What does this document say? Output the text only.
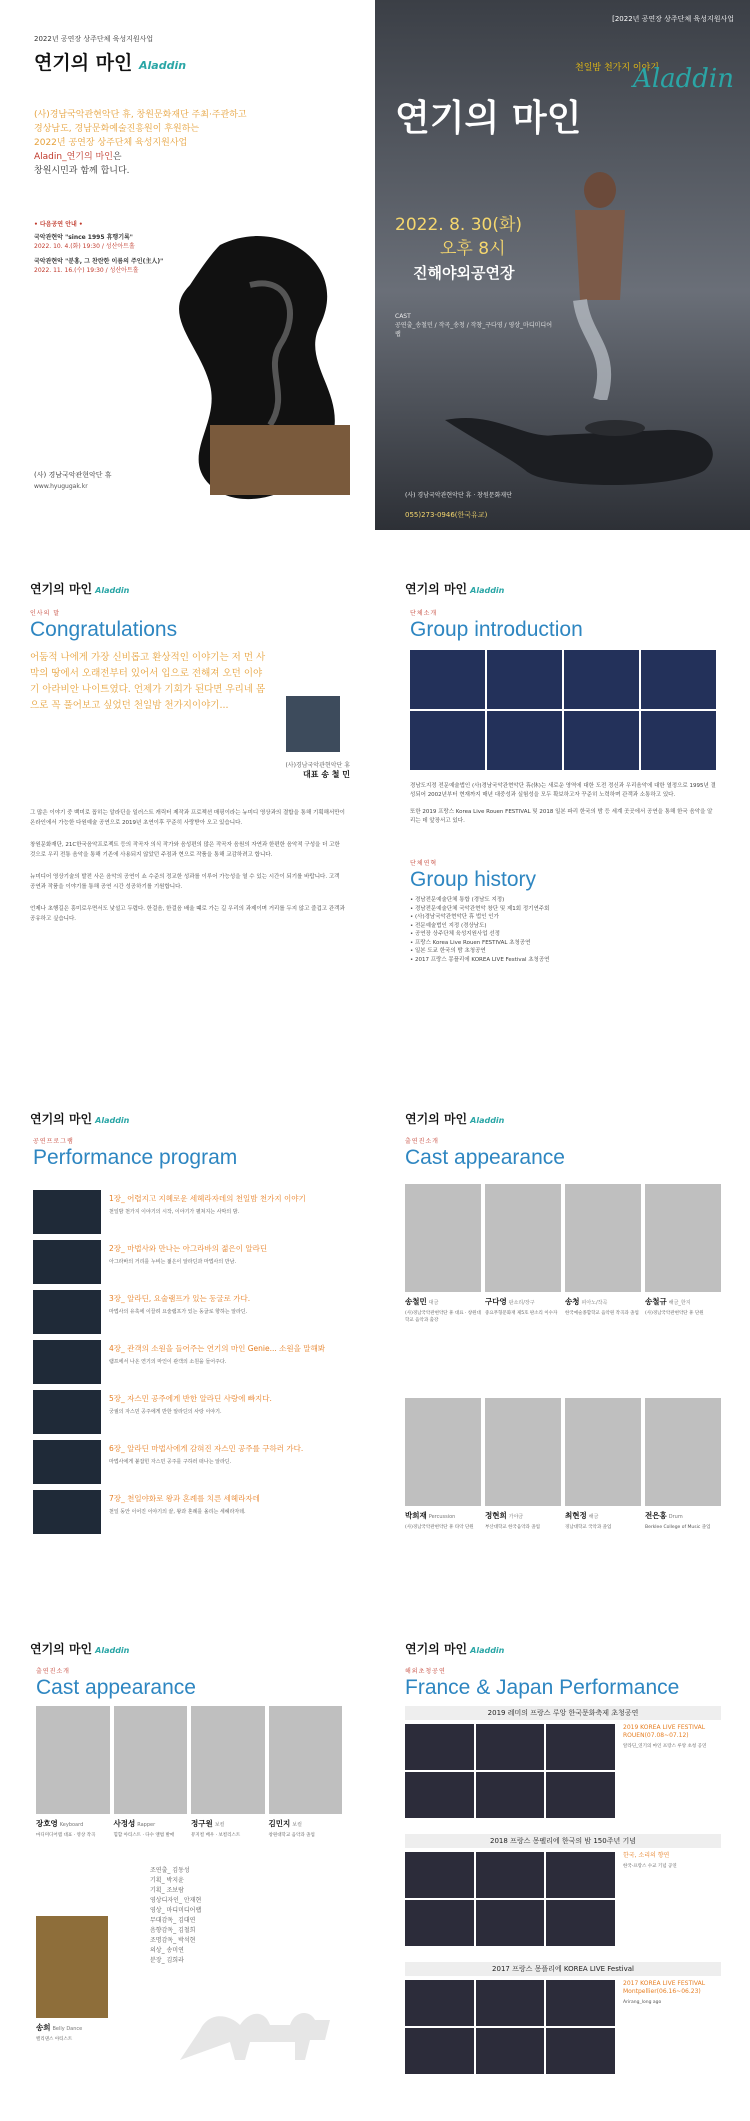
2022년 공연장 상주단체 육성지원사업
연기의 마인 Aladdin
(사)경남국악관현악단 휴, 창원문화재단 주최·주관하고
경상남도, 경남문화예술진흥원이 후원하는
2022년 공연장 상주단체 육성지원사업
Aladin_연기의 마인은
창원시민과 함께 합니다.
• 다음공연 안내 •
국악관현악 "since 1995 휴행기록"
2022. 10. 4.(화) 19:30 / 성산아트홀
국악관현악 "분홍, 그 찬란한 이름의 주인(主人)"
2022. 11. 16.(수) 19:30 / 성산아트홀
(사) 경남국악관현악단 휴
www.hyugugak.kr
[2022년 공연장 상주단체 육성지원사업
천일밤 천가지 이야기
Aladdin
연기의 마인
2022. 8. 30(화)
오후 8시
진해야외공연장
CAST
공연출_송철민 / 작곡_송청 / 작창_구다영 / 영상_마디미디어랩
(사) 경남국악관현악단 휴 · 창원문화재단
055)273-0946(한국유교)
연기의 마인 Aladdin
인사의 말
Congratulations
어둠적 나에게 가장 신비롭고 환상적인 이야기는 저 먼 사막의 땅에서 오래전부터 있어서 입으로 전해져 오던 이야기 아라비안 나이트였다. 언제가 기회가 된다면 우리네 몸으로 꼭 풀어보고 싶었던 천일밤 천가지이야기...
(사)경남국악관현악단 휴
대표 송 철 민

그 많은 이야기 중 백미로 꼽히는 알라딘을 일러스트 캐릭터 제작과 프로젝션 매핑이라는 뉴미디 영상과의 결합을 통해 기획해서만이 온라인에서 가능한 다원예술 공연으로 2019년 초연이후 꾸준히 사랑받아 오고 있습니다.

창원문화재단, 21C한국음악프로젝트 등의 작곡자 의식 작가와 음성편의 많은 작곡자 음원의 자연과 한편한 음악적 구성을 더 고한 것으로 우리 전통 음악을 통해 기존에 사용되지 않았던 주점과 현으로 작품을 통해 교감하려고 합니다.

뉴미디어 영상기술의 발전 사은 음악의 공연이 쇼 수준의 정교한 성과를 이루어 가능성을 열 수 있는 시간이 되기를 바랍니다. 고객 공연과 작품을 이야기를 통해 공연 시간 성공하기를 기원합니다.

언제나 초행길은 흥미로우면서도 낯설고 두렵다. 한걸음, 한걸음 배울 떄로 가는 길 우리의 과제이며 거리를 두지 않고 즐겁고 관객과 공유하고 싶습니다.

연기의 마인 Aladdin
단체소개
Group introduction

경남도지정 전문예술법인 (사)경남국악관현악단 휴(休)는 새로운 영역에 대한 도전 정신과 우리음악에 대한 열정으로 1995년 결성되어 2002년부터 현재까지 매년 대중성과 실험성을 모두 확보하고자 꾸준히 노력하며 관객과 소통하고 있다.

또한 2019 프랑스 Korea Live Rouen FESTIVAL 및 2018 일본 파리 한국의 밤 등 세계 곳곳에서 공연을 통해 한국 음악을 알리는 데 앞장서고 있다.

단체연혁
Group history
• 경남전문예술단체 통합 (경남도 지정)
• 경남전문예술단체 국악관현악 창단 및 제1회 정기연주회
• (사)경남국악관현악단 휴 법인 인가
• 전문예술법인 지정 (경상남도)
• 공연장 상주단체 육성지원사업 선정
• 프랑스 Korea Live Rouen FESTIVAL 초청공연
• 일본 도쿄 한국의 밤 초청공연
• 2017 프랑스 몽플리에 KOREA LIVE Festival 초청공연
연기의 마인 Aladdin
공연프로그램
Performance program
1장_ 어렵지고 지혜로운 세헤라자데의 천일밤 천가지 이야기
천일밤 천가지 이야기의 시작, 이야기가 펼쳐지는 사막의 밤.
2장_ 마법사와 만나는 아그라바의 젊은이 알라딘
아그라바의 거리를 누비는 젊은이 알라딘과 마법사의 만남.
3장_ 알라딘, 요술램프가 있는 동굴로 가다.
마법사의 유혹에 이끌려 요술램프가 있는 동굴로 향하는 알라딘.
4장_ 관객의 소원을 들어주는 연기의 마인 Genie... 소원을 말해봐
램프에서 나온 연기의 마인이 관객의 소원을 들어주다.
5장_ 자스민 공주에게 반한 알라딘 사랑에 빠지다.
궁궐의 자스민 공주에게 반한 알라딘의 사랑 이야기.
6장_ 알라딘 마법사에게 감혀진 자스민 공주를 구하러 가다.
마법사에게 붙잡힌 자스민 공주를 구하러 떠나는 알라딘.
7장_ 천일야화로 왕과 혼례를 치른 세헤라자데
천일 동안 이어진 이야기의 끝, 왕과 혼례를 올리는 세헤라자데.
연기의 마인 Aladdin
출연진소개
Cast appearance
송철민 대금
(사)경남국악관현악단 휴 대표 · 창원대학교 음악과 출강
구다영 판소리/장구
중요무형문화재 제5호 판소리 이수자
송청 피아노/작곡
한국예술종합학교 음악원 작곡과 졸업
송철규 해금_한지
(사)경남국악관현악단 휴 단원
박희재 Percussion
(사)경남국악관현악단 휴 타악 단원
정현희 가야금
부산대학교 한국음악과 졸업
최현정 해금
경남대학교 국악과 졸업
전은홍 Drum
Berklee College of Music 졸업
연기의 마인 Aladdin
출연진소개
Cast appearance
장호영 Keyboard
마디미디어랩 대표 · 영상 작곡
사정성 Rapper
힙합 아티스트 · 다수 앨범 발매
정구원 보컬
뮤지컬 배우 · 보컬리스트
김민지 보컬
창원대학교 음악과 졸업
조연출_ 김동성
기획_ 박지윤
기획_ 조보람
영상디자인_ 안재현
영상_ 마디미디어랩
무대감독_ 김대연
음향감독_ 김철희
조명감독_ 박석현
의상_ 송미연
분장_ 김희라
송희 Belly Dance
밸리댄스 아티스트
연기의 마인 Aladdin
해외초청공연
France & Japan Performance
2019 레미의 프랑스 루앙 한국문화축제 초청공연
2019 KOREA LIVE FESTIVAL ROUEN(07.08~07.12)
알라딘_연기의 마인 프랑스 루앙 초청 공연
2018 프랑스 몽펠리에 한국의 밤 150주년 기념
한국, 소리의 향연
한국-프랑스 수교 기념 공연
2017 프랑스 몽플리에 KOREA LIVE Festival
2017 KOREA LIVE FESTIVAL Montpellier(06.16~06.23)
Arirang_long ago
